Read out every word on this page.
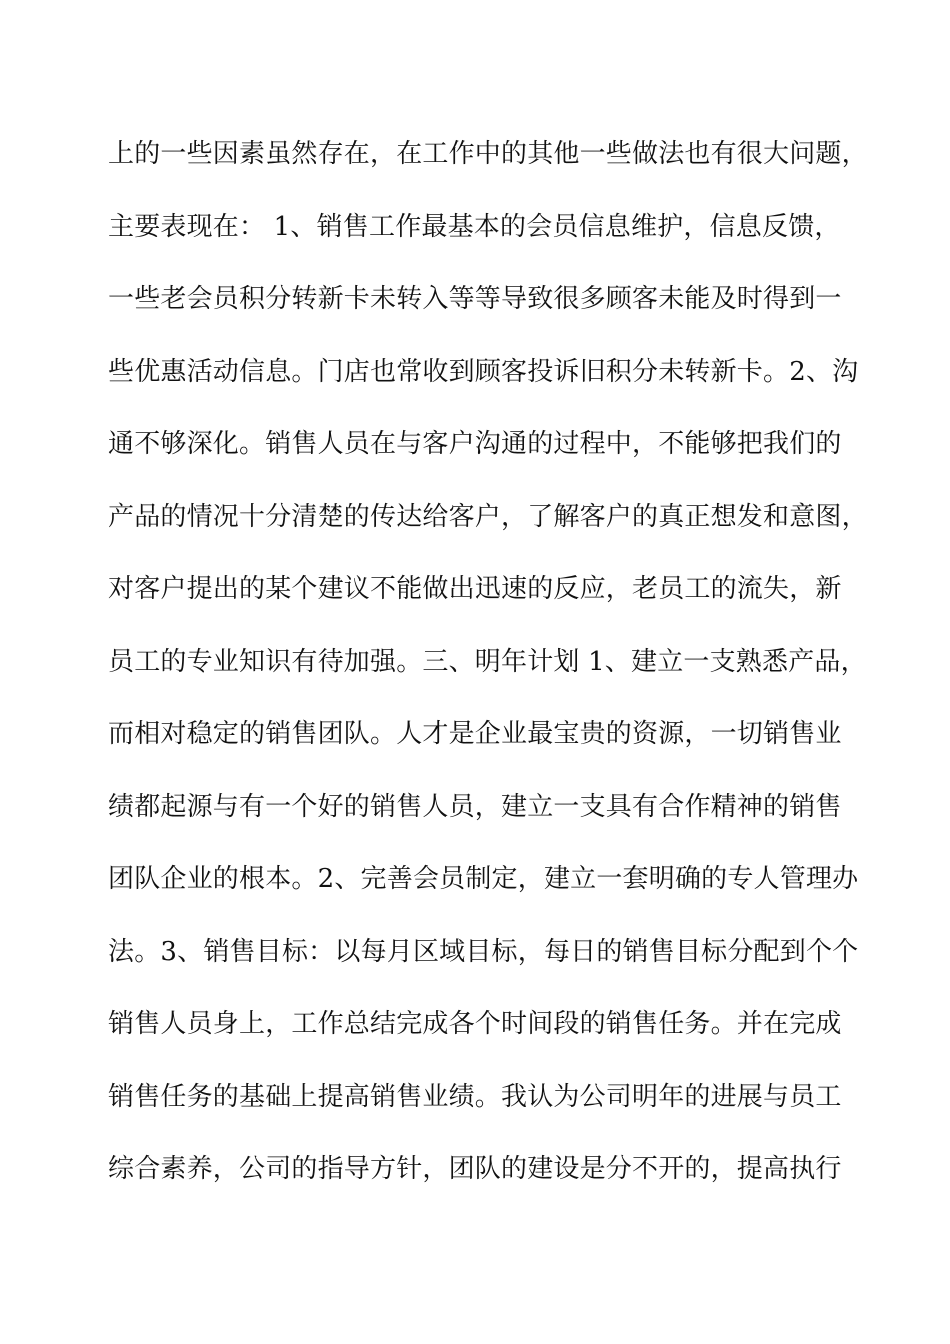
上的一些因素虽然存在，在工作中的其他一些做法也有很大问题，
主要表现在： 1、销售工作最基本的会员信息维护，信息反馈，
一些老会员积分转新卡未转入等等导致很多顾客未能及时得到一
些优惠活动信息。门店也常收到顾客投诉旧积分未转新卡。2、沟
通不够深化。销售人员在与客户沟通的过程中，不能够把我们的
产品的情况十分清楚的传达给客户，了解客户的真正想发和意图，
对客户提出的某个建议不能做出迅速的反应，老员工的流失，新
员工的专业知识有待加强。三、明年计划 1、建立一支熟悉产品，
而相对稳定的销售团队。人才是企业最宝贵的资源，一切销售业
绩都起源与有一个好的销售人员，建立一支具有合作精神的销售
团队企业的根本。2、完善会员制定，建立一套明确的专人管理办
法。3、销售目标：以每月区域目标，每日的销售目标分配到个个
销售人员身上，工作总结完成各个时间段的销售任务。并在完成
销售任务的基础上提高销售业绩。我认为公司明年的进展与员工
综合素养，公司的指导方针，团队的建设是分不开的，提高执行
